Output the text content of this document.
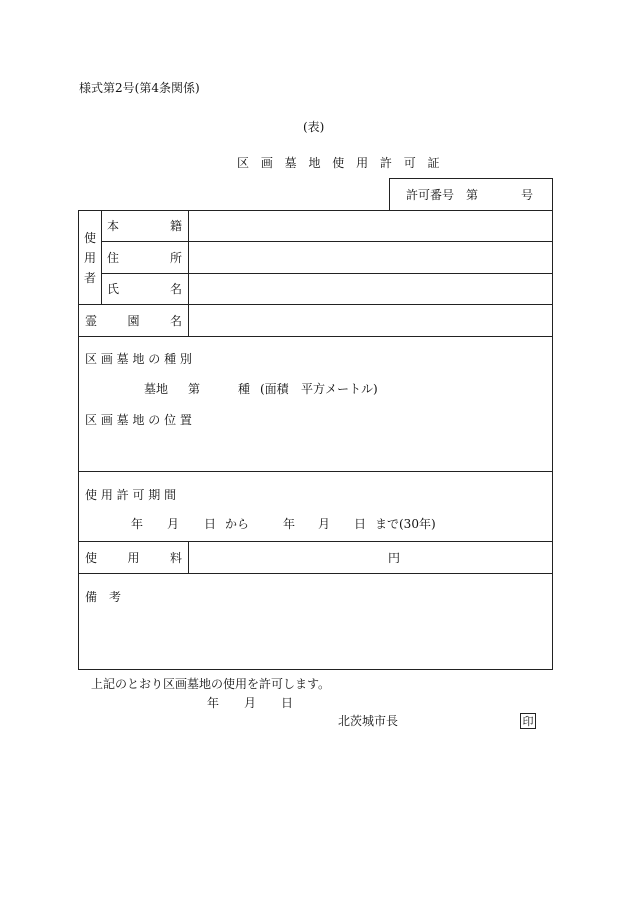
様式第2号(第4条関係)
(表)
区 画 墓 地 使 用 許 可 証
許可番号　第	号
使
用
者
本	籍
住	所
氏	名
霊	園	名
区 画 墓 地 の 種 別
墓地 第	種 (面積 平方メートル)
区 画 墓 地 の 位 置
使 用 許 可 期 間
年 月 日 から	年 月 日 まで(30年)
使	用	料	円
備　考
上記のとおり区画墓地の使用を許可します。
年 月 日
北茨城市長	印
